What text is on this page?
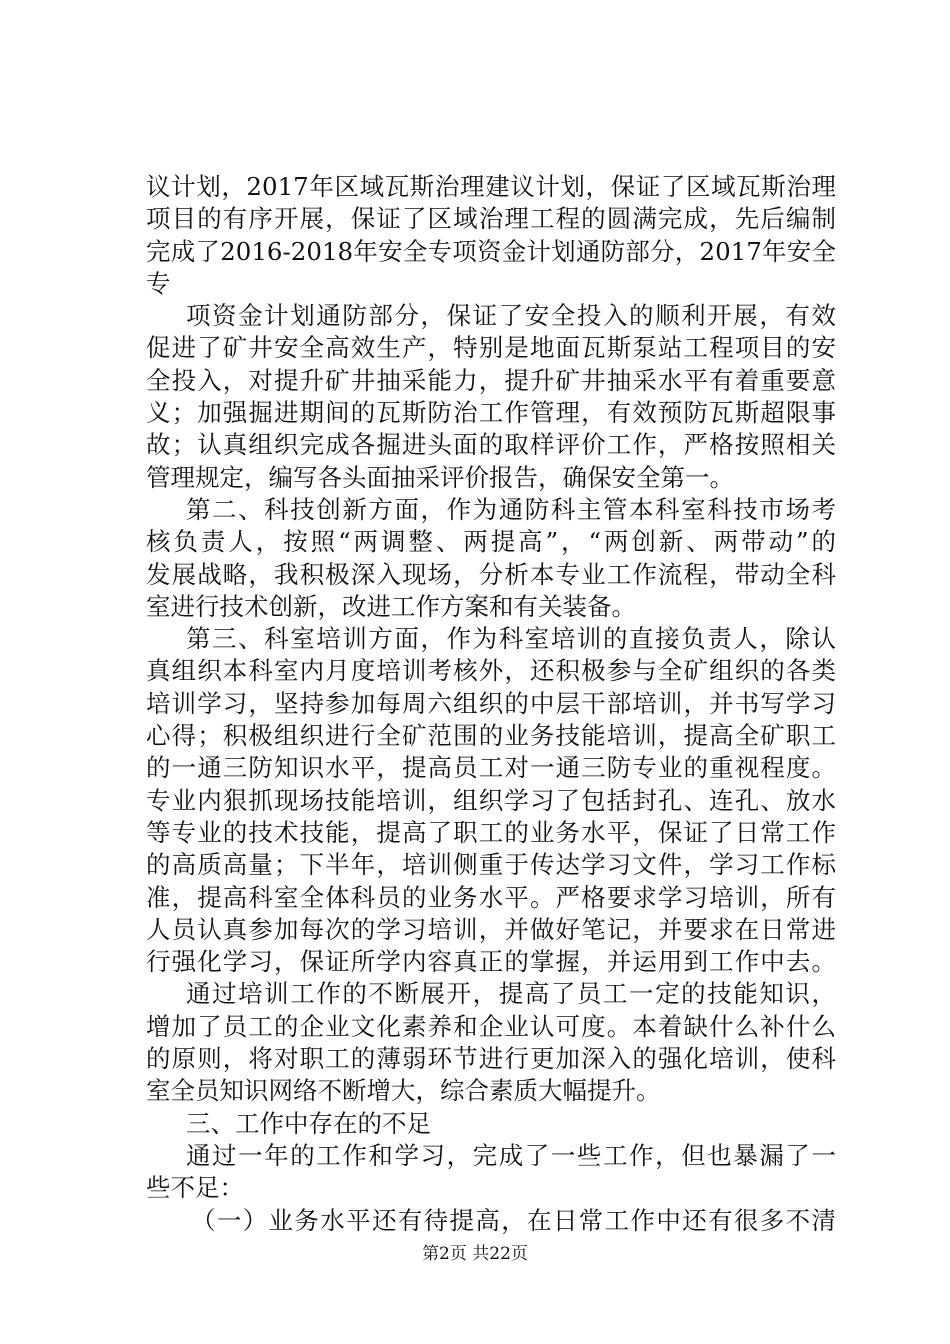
议计划，2017年区域瓦斯治理建议计划，保证了区域瓦斯治理
项目的有序开展，保证了区域治理工程的圆满完成，先后编制
完成了2016-2018年安全专项资金计划通防部分，2017年安全
专
项资金计划通防部分，保证了安全投入的顺利开展，有效
促进了矿井安全高效生产，特别是地面瓦斯泵站工程项目的安
全投入，对提升矿井抽采能力，提升矿井抽采水平有着重要意
义；加强掘进期间的瓦斯防治工作管理，有效预防瓦斯超限事
故；认真组织完成各掘进头面的取样评价工作，严格按照相关
管理规定，编写各头面抽采评价报告，确保安全第一。
第二、科技创新方面，作为通防科主管本科室科技市场考
核负责人，按照“两调整、两提高”，“两创新、两带动”的
发展战略，我积极深入现场，分析本专业工作流程，带动全科
室进行技术创新，改进工作方案和有关装备。
第三、科室培训方面，作为科室培训的直接负责人，除认
真组织本科室内月度培训考核外，还积极参与全矿组织的各类
培训学习，坚持参加每周六组织的中层干部培训，并书写学习
心得；积极组织进行全矿范围的业务技能培训，提高全矿职工
的一通三防知识水平，提高员工对一通三防专业的重视程度。
专业内狠抓现场技能培训，组织学习了包括封孔、连孔、放水
等专业的技术技能，提高了职工的业务水平，保证了日常工作
的高质高量；下半年，培训侧重于传达学习文件，学习工作标
准，提高科室全体科员的业务水平。严格要求学习培训，所有
人员认真参加每次的学习培训，并做好笔记，并要求在日常进
行强化学习，保证所学内容真正的掌握，并运用到工作中去。
通过培训工作的不断展开，提高了员工一定的技能知识，
增加了员工的企业文化素养和企业认可度。本着缺什么补什么
的原则，将对职工的薄弱环节进行更加深入的强化培训，使科
室全员知识网络不断增大，综合素质大幅提升。
三、工作中存在的不足
通过一年的工作和学习，完成了一些工作，但也暴漏了一
些不足：
（一）业务水平还有待提高，在日常工作中还有很多不清
第2页 共22页
